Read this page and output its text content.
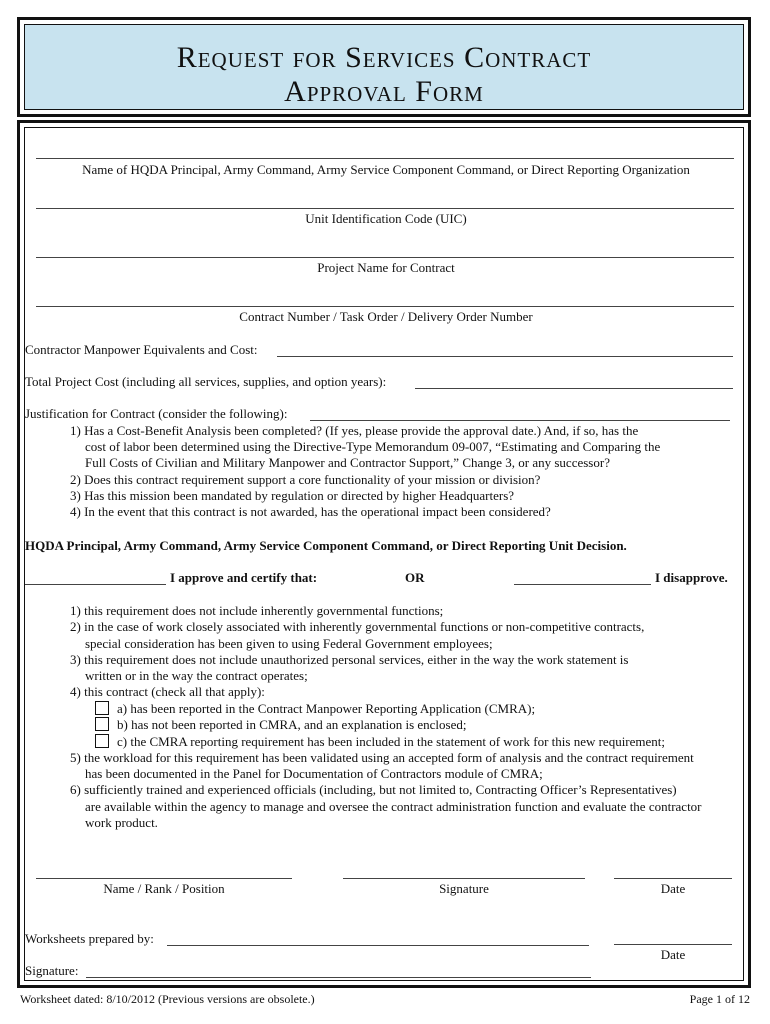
Request for Services Contract
Approval Form
Name of HQDA Principal, Army Command, Army Service Component Command, or Direct Reporting Organization
Unit Identification Code (UIC)
Project Name for Contract
Contract Number / Task Order / Delivery Order Number
Contractor Manpower Equivalents and Cost:
Total Project Cost (including all services, supplies, and option years):
Justification for Contract (consider the following):
1) Has a Cost-Benefit Analysis been completed? (If yes, please provide the approval date.) And, if so, has the
cost of labor been determined using the Directive-Type Memorandum 09-007, “Estimating and Comparing the
Full Costs of Civilian and Military Manpower and Contractor Support,” Change 3, or any successor?
2) Does this contract requirement support a core functionality of your mission or division?
3) Has this mission been mandated by regulation or directed by higher Headquarters?
4) In the event that this contract is not awarded, has the operational impact been considered?
HQDA Principal, Army Command, Army Service Component Command, or Direct Reporting Unit Decision.
I approve and certify that:	OR	I disapprove.
1) this requirement does not include inherently governmental functions;
2) in the case of work closely associated with inherently governmental functions or non-competitive contracts,
special consideration has been given to using Federal Government employees;
3) this requirement does not include unauthorized personal services, either in the way the work statement is
written or in the way the contract operates;
4) this contract (check all that apply):
a) has been reported in the Contract Manpower Reporting Application (CMRA);
b) has not been reported in CMRA, and an explanation is enclosed;
c) the CMRA reporting requirement has been included in the statement of work for this new requirement;
5) the workload for this requirement has been validated using an accepted form of analysis and the contract requirement
has been documented in the Panel for Documentation of Contractors module of CMRA;
6) sufficiently trained and experienced officials (including, but not limited to, Contracting Officer’s Representatives)
are available within the agency to manage and oversee the contract administration function and evaluate the contractor
work product.
Name / Rank / Position	Signature	Date
Worksheets prepared by:
Date
Signature:
Worksheet dated: 8/10/2012 (Previous versions are obsolete.)	Page 1 of 12
